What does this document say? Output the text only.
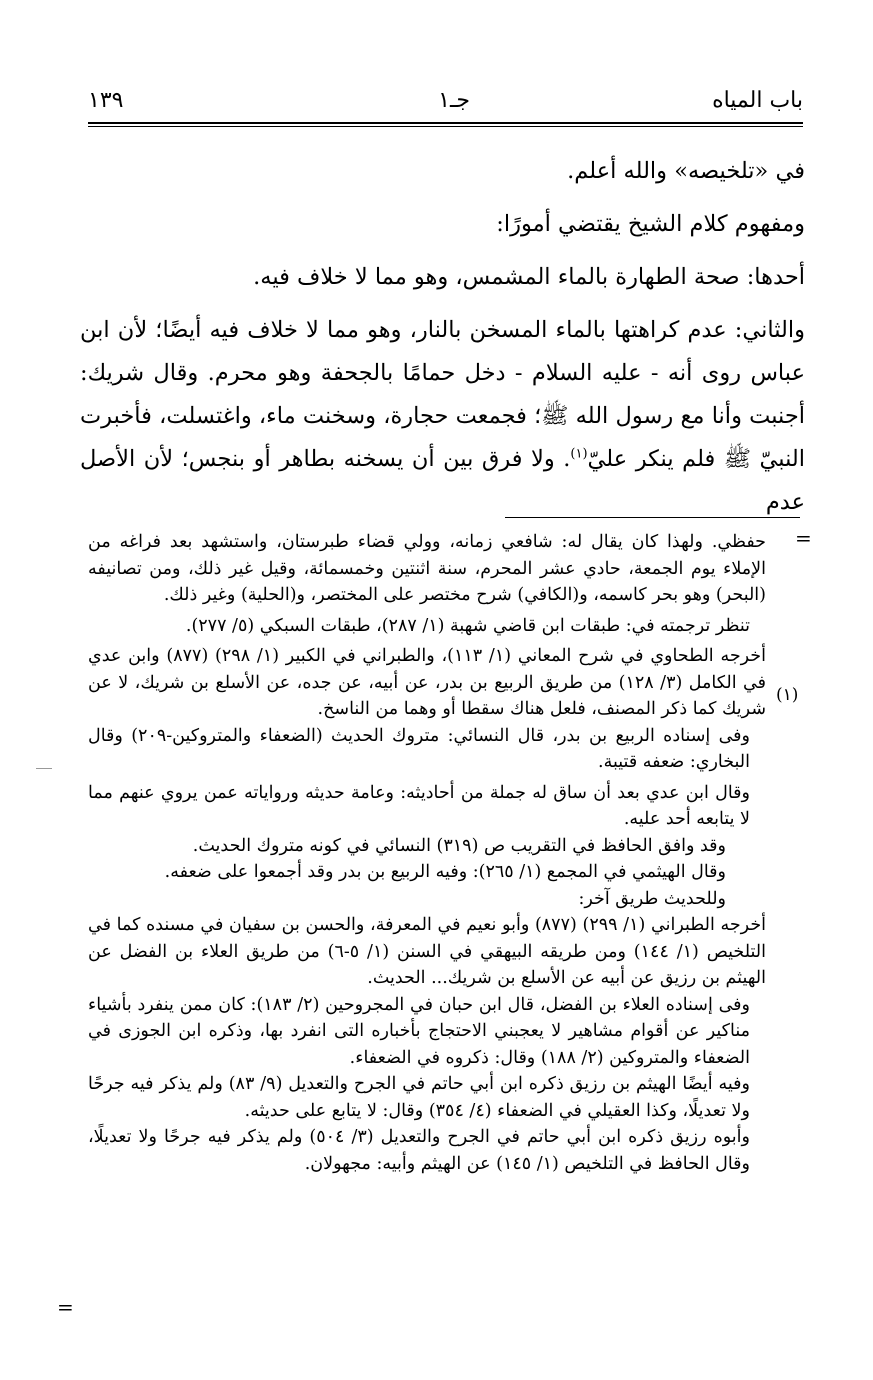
باب المياه
جـ١
١٣٩

في «تلخيصه» والله أعلم.

ومفهوم كلام الشيخ يقتضي أمورًا:

أحدها: صحة الطهارة بالماء المشمس، وهو مما لا خلاف فيه.

والثاني: عدم كراهتها بالماء المسخن بالنار، وهو مما لا خلاف فيه أيضًا؛ لأن ابن عباس روى أنه - عليه السلام - دخل حمامًا بالجحفة وهو محرم. وقال شريك: أجنبت وأنا مع رسول الله ﷺ؛ فجمعت حجارة، وسخنت ماء، واغتسلت، فأخبرت النبيّ ﷺ فلم ينكر عليّ$^{(١)}$. ولا فرق بين أن يسخنه بطاهر أو بنجس؛ لأن الأصل عدم

=
(١)

حفظي. ولهذا كان يقال له: شافعي زمانه، وولي قضاء طبرستان، واستشهد بعد فراغه من الإملاء يوم الجمعة، حادي عشر المحرم، سنة اثنتين وخمسمائة، وقيل غير ذلك، ومن تصانيفه (البحر) وهو بحر كاسمه، و(الكافي) شرح مختصر على المختصر، و(الحلية) وغير ذلك.

تنظر ترجمته في: طبقات ابن قاضي شهبة (١/ ٢٨٧)، طبقات السبكي (٥/ ٢٧٧).

أخرجه الطحاوي في شرح المعاني (١/ ١١٣)، والطبراني في الكبير (١/ ٢٩٨) (٨٧٧) وابن عدي في الكامل (٣/ ١٢٨) من طريق الربيع بن بدر، عن أبيه، عن جده، عن الأسلع بن شريك، لا عن شريك كما ذكر المصنف، فلعل هناك سقطا أو وهما من الناسخ.

وفى إسناده الربيع بن بدر، قال النسائي: متروك الحديث (الضعفاء والمتروكين-٢٠٩) وقال البخاري: ضعفه قتيبة.

وقال ابن عدي بعد أن ساق له جملة من أحاديثه: وعامة حديثه ورواياته عمن يروي عنهم مما لا يتابعه أحد عليه.

وقد وافق الحافظ في التقريب ص (٣١٩) النسائي في كونه متروك الحديث.

وقال الهيثمي في المجمع (١/ ٢٦٥): وفيه الربيع بن بدر وقد أجمعوا على ضعفه.

وللحديث طريق آخر:

أخرجه الطبراني (١/ ٢٩٩) (٨٧٧) وأبو نعيم في المعرفة، والحسن بن سفيان في مسنده كما في التلخيص (١/ ١٤٤) ومن طريقه البيهقي في السنن (١/ ٥-٦) من طريق العلاء بن الفضل عن الهيثم بن رزيق عن أبيه عن الأسلع بن شريك... الحديث.

وفى إسناده العلاء بن الفضل، قال ابن حبان في المجروحين (٢/ ١٨٣): كان ممن ينفرد بأشياء مناكير عن أقوام مشاهير لا يعجبني الاحتجاج بأخباره التى انفرد بها، وذكره ابن الجوزى في الضعفاء والمتروكين (٢/ ١٨٨) وقال: ذكروه في الضعفاء.

وفيه أيضًا الهيثم بن رزيق ذكره ابن أبي حاتم في الجرح والتعديل (٩/ ٨٣) ولم يذكر فيه جرحًا ولا تعديلًا، وكذا العقيلي في الضعفاء (٤/ ٣٥٤) وقال: لا يتابع على حديثه.

وأبوه رزيق ذكره ابن أبي حاتم في الجرح والتعديل (٣/ ٥٠٤) ولم يذكر فيه جرحًا ولا تعديلًا، وقال الحافظ في التلخيص (١/ ١٤٥) عن الهيثم وأبيه: مجهولان.

=
